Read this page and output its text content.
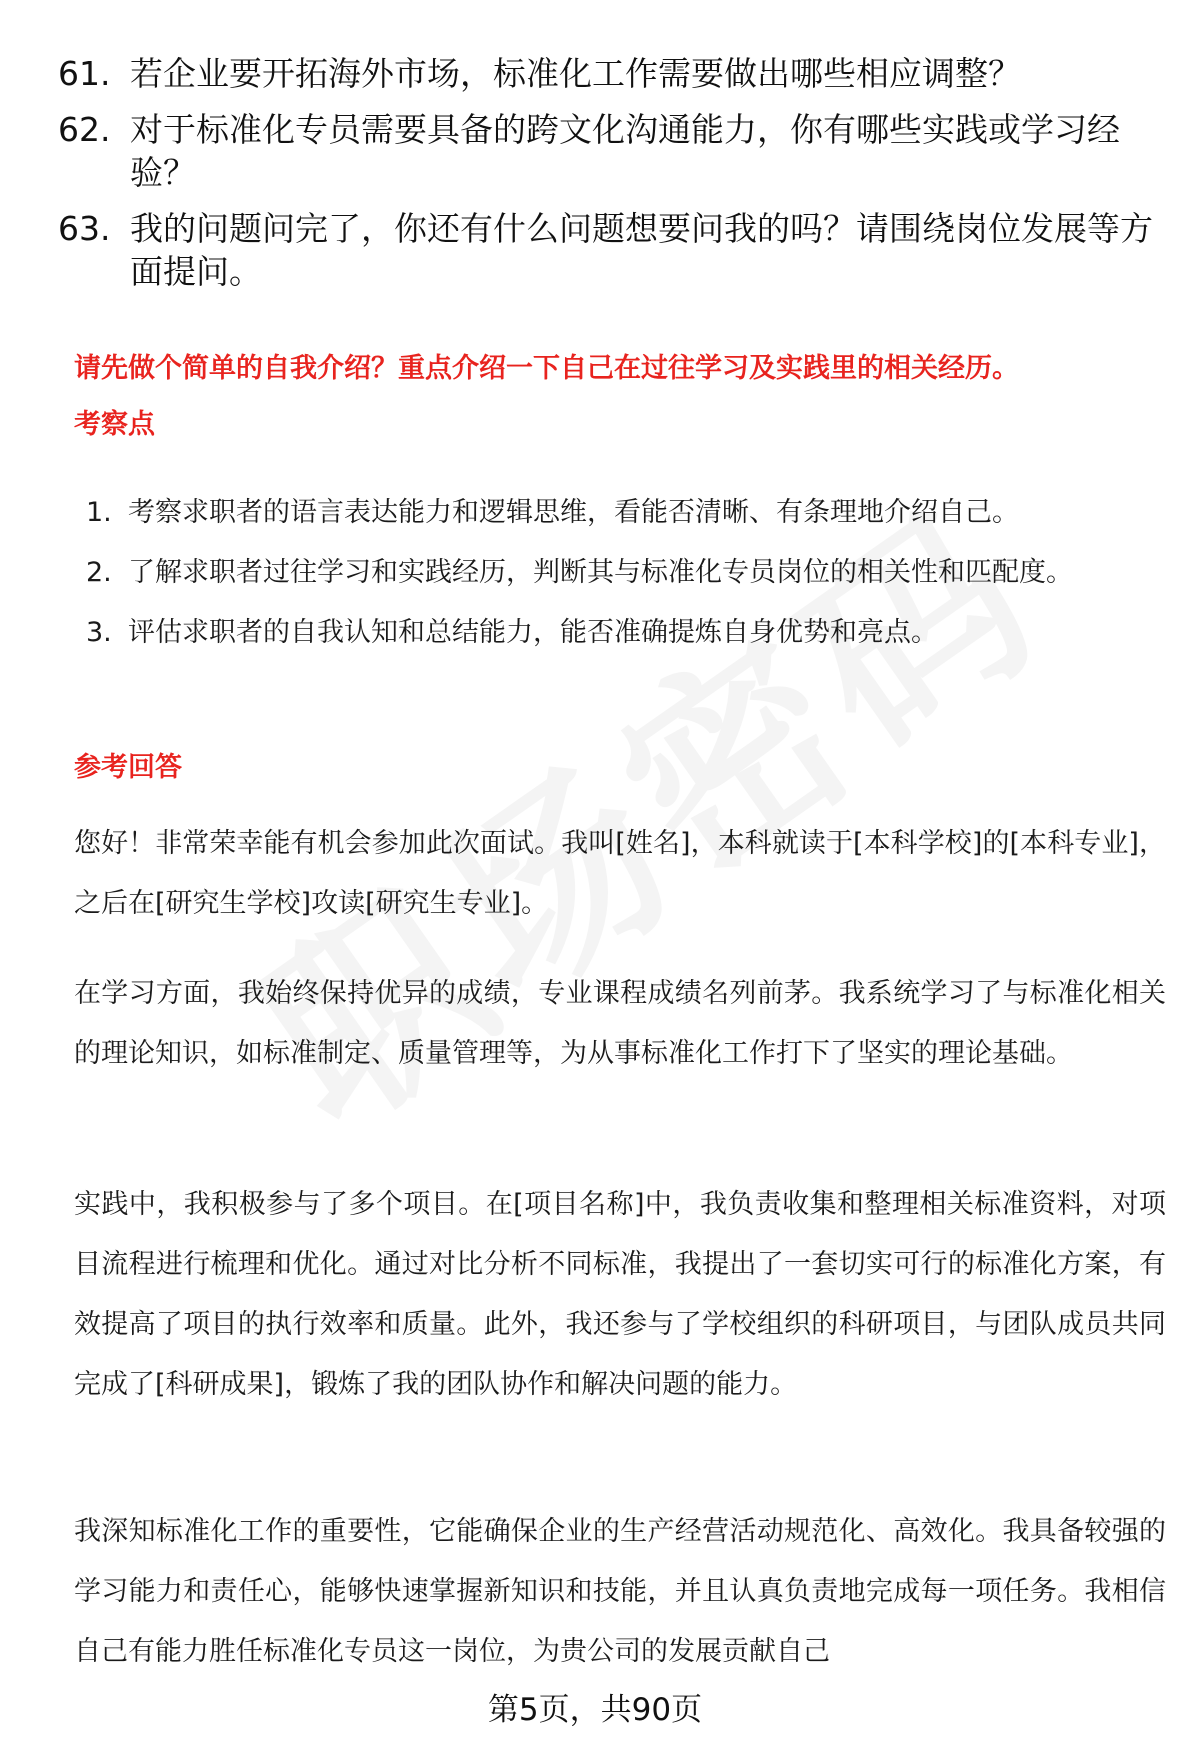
61. 若企业要开拓海外市场，标准化工作需要做出哪些相应调整？
62. 对于标准化专员需要具备的跨文化沟通能力，你有哪些实践或学习经验？
63. 我的问题问完了，你还有什么问题想要问我的吗？请围绕岗位发展等方面提问。
请先做个简单的自我介绍？重点介绍一下自己在过往学习及实践里的相关经历。
考察点
1. 考察求职者的语言表达能力和逻辑思维，看能否清晰、有条理地介绍自己。
2. 了解求职者过往学习和实践经历，判断其与标准化专员岗位的相关性和匹配度。
3. 评估求职者的自我认知和总结能力，能否准确提炼自身优势和亮点。
参考回答
您好！非常荣幸能有机会参加此次面试。我叫[姓名]，本科就读于[本科学校]的[本科专业]，之后在[研究生学校]攻读[研究生专业]。
在学习方面，我始终保持优异的成绩，专业课程成绩名列前茅。我系统学习了与标准化相关的理论知识，如标准制定、质量管理等，为从事标准化工作打下了坚实的理论基础。
实践中，我积极参与了多个项目。在[项目名称]中，我负责收集和整理相关标准资料，对项目流程进行梳理和优化。通过对比分析不同标准，我提出了一套切实可行的标准化方案，有效提高了项目的执行效率和质量。此外，我还参与了学校组织的科研项目，与团队成员共同完成了[科研成果]，锻炼了我的团队协作和解决问题的能力。
我深知标准化工作的重要性，它能确保企业的生产经营活动规范化、高效化。我具备较强的学习能力和责任心，能够快速掌握新知识和技能，并且认真负责地完成每一项任务。我相信自己有能力胜任标准化专员这一岗位，为贵公司的发展贡献自己
第5页，共90页
